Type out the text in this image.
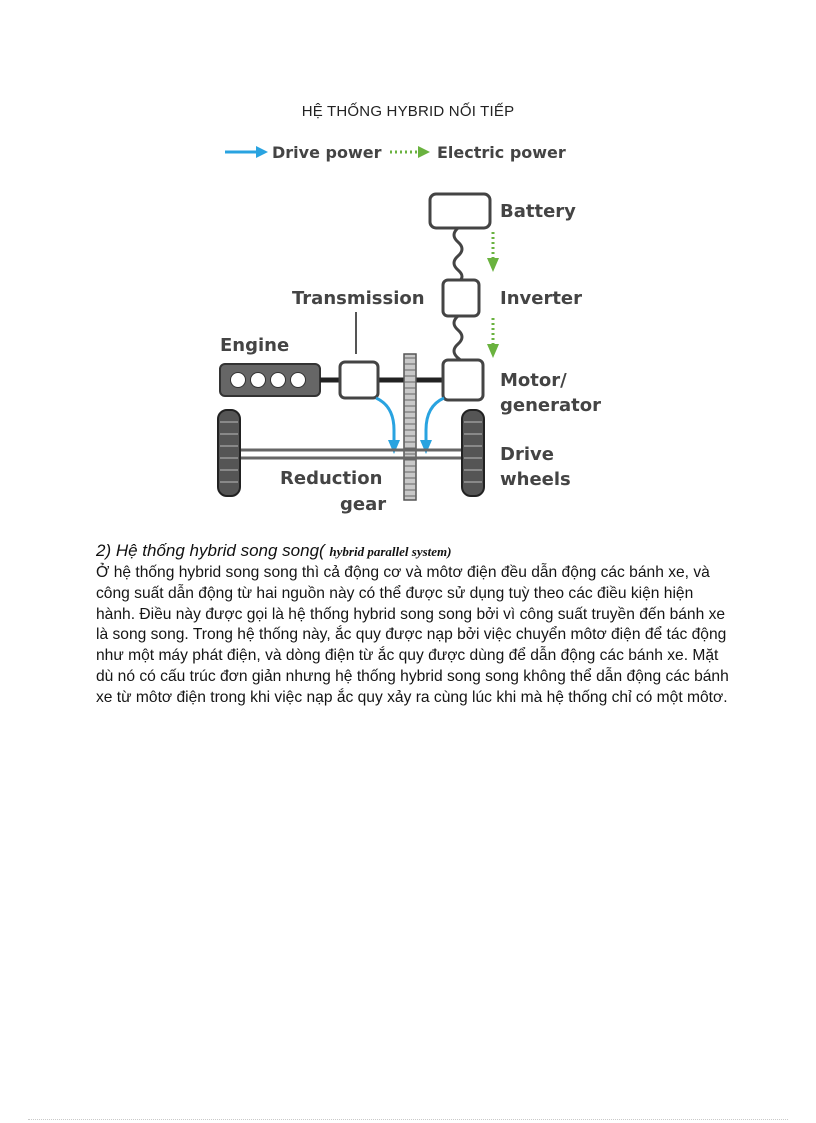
HỆ THỐNG HYBRID NỐI TIẾP
Drive power	Electric power
Battery
Inverter
Transmission
Engine
Motor/
generator
Drive
wheels
Reduction
gear

2) Hệ thống hybrid song song( hybrid parallel system)

Ở hệ thống hybrid song song thì cả động cơ và môtơ điện đều dẫn động các bánh xe, và công suất dẫn động từ hai nguồn này có thể được sử dụng tuỳ theo các điều kiện hiện hành. Điều này được gọi là hệ thống hybrid song song bởi vì công suất truyền đến bánh xe là song song. Trong hệ thống này, ắc quy được nạp bởi việc chuyển môtơ điện để tác động như một máy phát điện, và dòng điện từ ắc quy được dùng để dẫn động các bánh xe. Mặt dù nó có cấu trúc đơn giản nhưng hệ thống hybrid song song không thể dẫn động các bánh xe từ môtơ điện trong khi việc nạp ắc quy xảy ra cùng lúc khi mà hệ thống chỉ có một môtơ.
